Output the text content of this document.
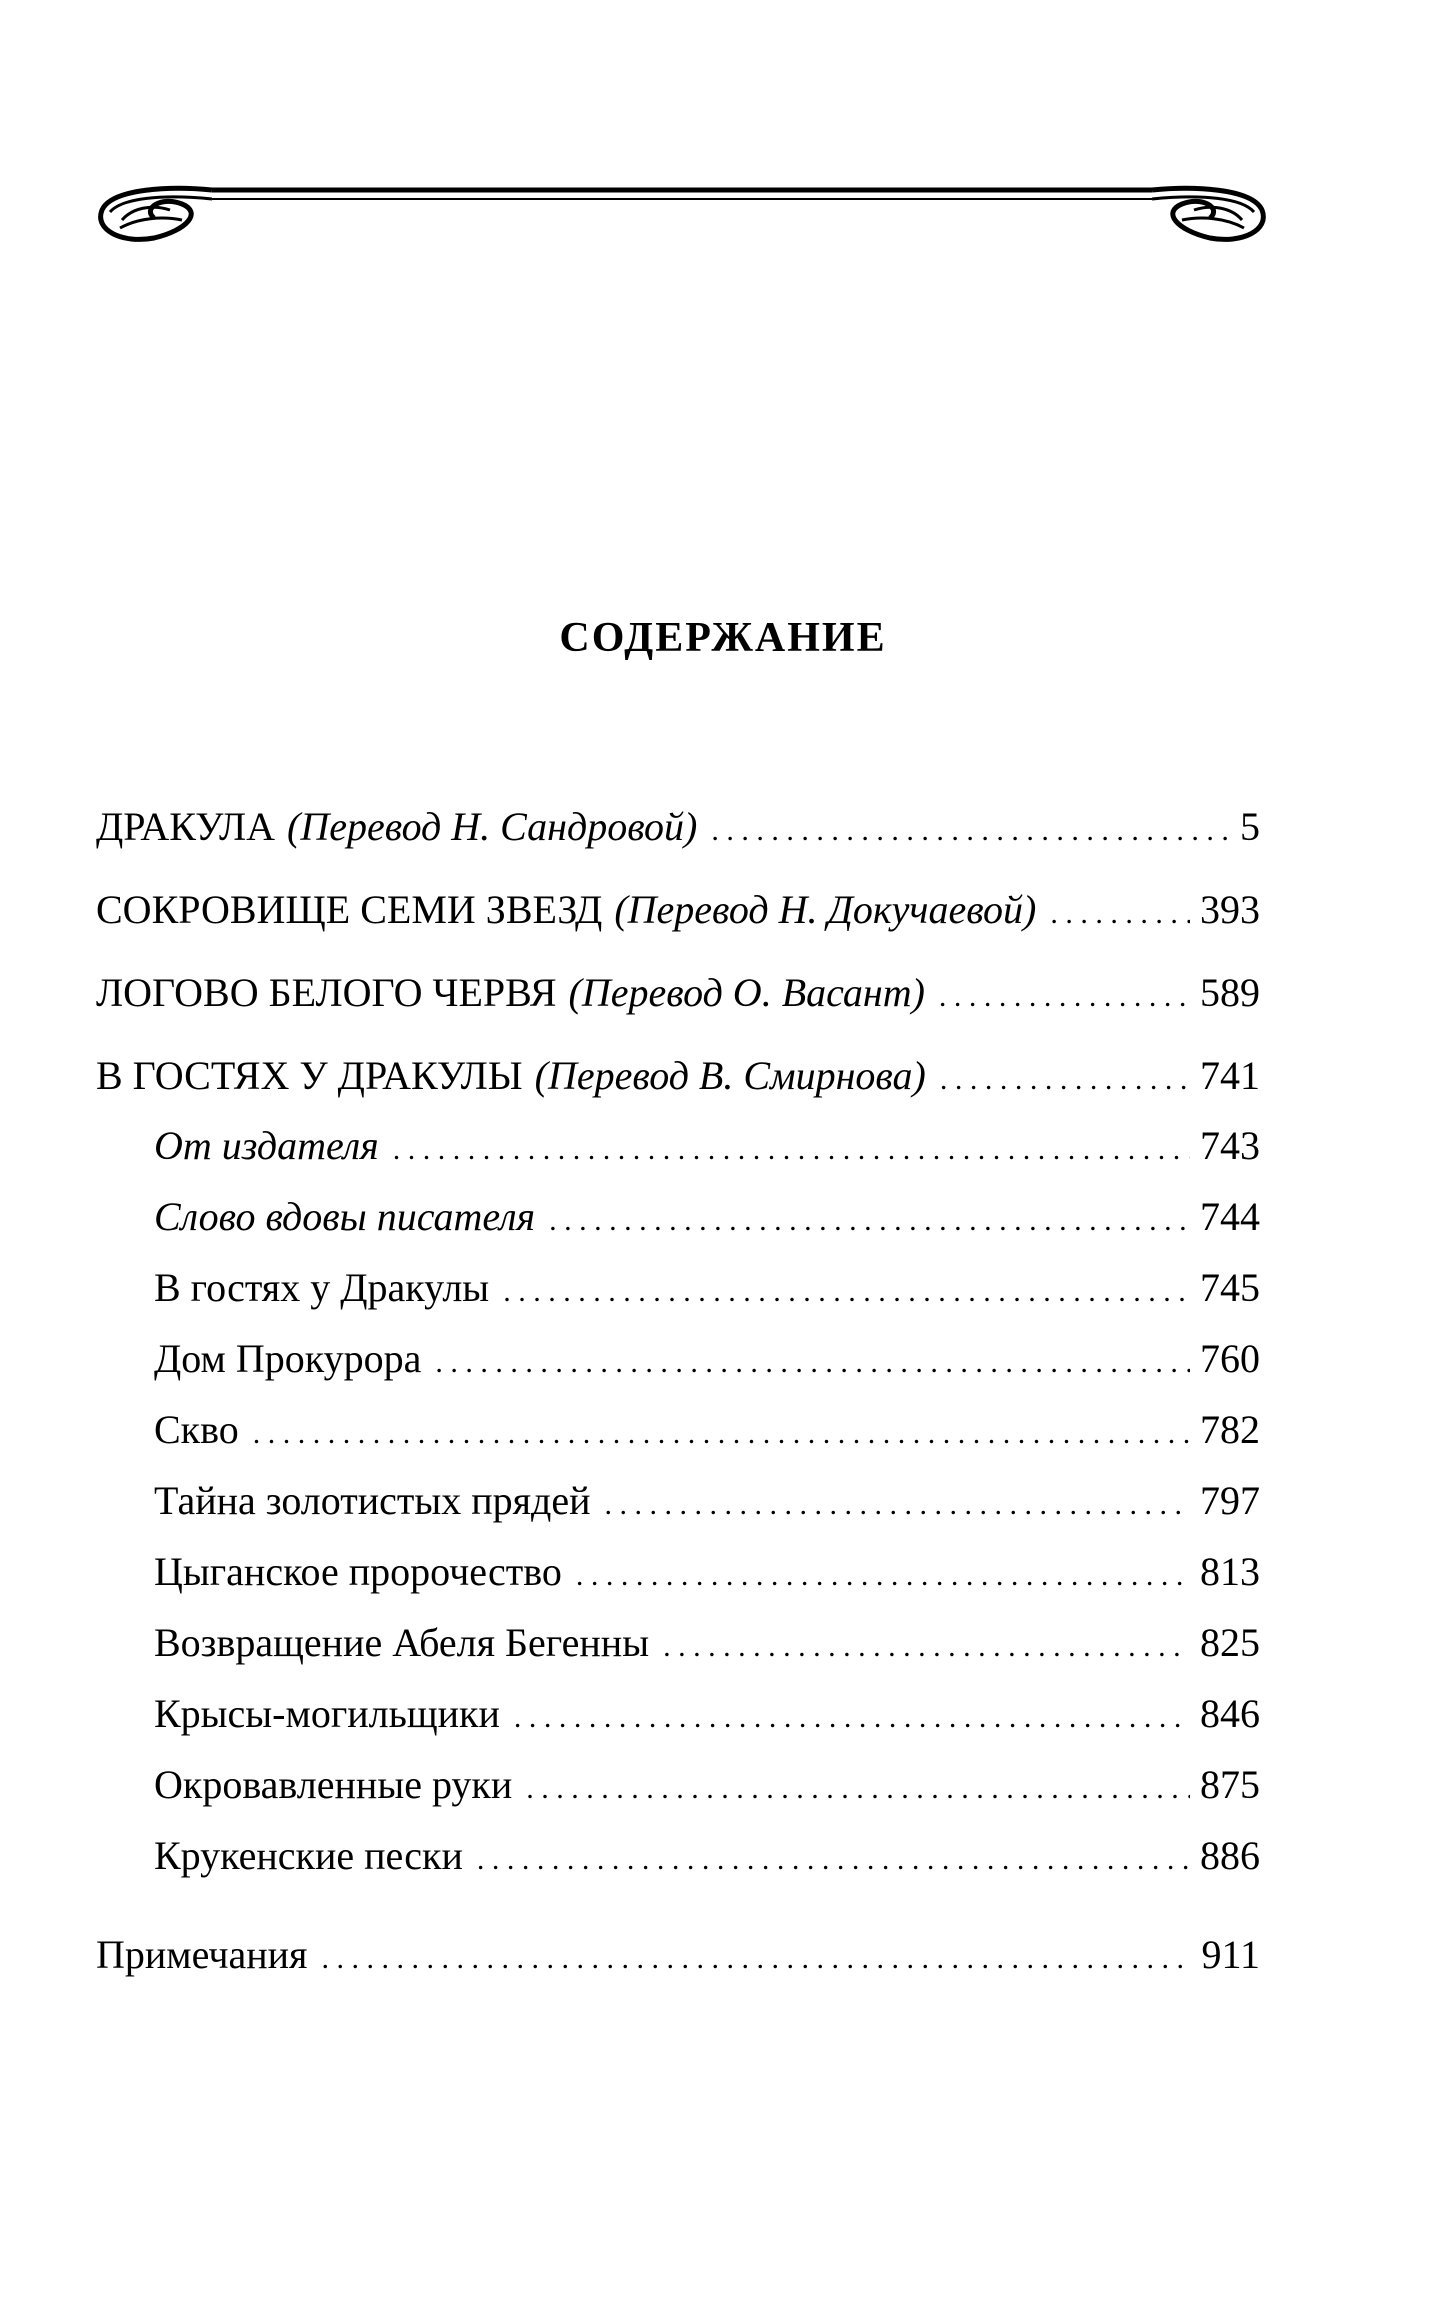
СОДЕРЖАНИЕ
ДРАКУЛА (Перевод Н. Сандровой) . . .	5
СОКРОВИЩЕ СЕМИ ЗВЕЗД (Перевод Н. Докучаевой) . . .	393
ЛОГОВО БЕЛОГО ЧЕРВЯ (Перевод О. Васант) . . .	589
В ГОСТЯХ У ДРАКУЛЫ (Перевод В. Смирнова) . . .	741
От издателя . . .	743
Слово вдовы писателя . . .	744
В гостях у Дракулы . . .	745
Дом Прокурора . . .	760
Скво . . .	782
Тайна золотистых прядей . . .	797
Цыганское пророчество . . .	813
Возвращение Абеля Бегенны . . .	825
Крысы-могильщики . . .	846
Окровавленные руки . . .	875
Крукенские пески . . .	886
Примечания . . .	911
